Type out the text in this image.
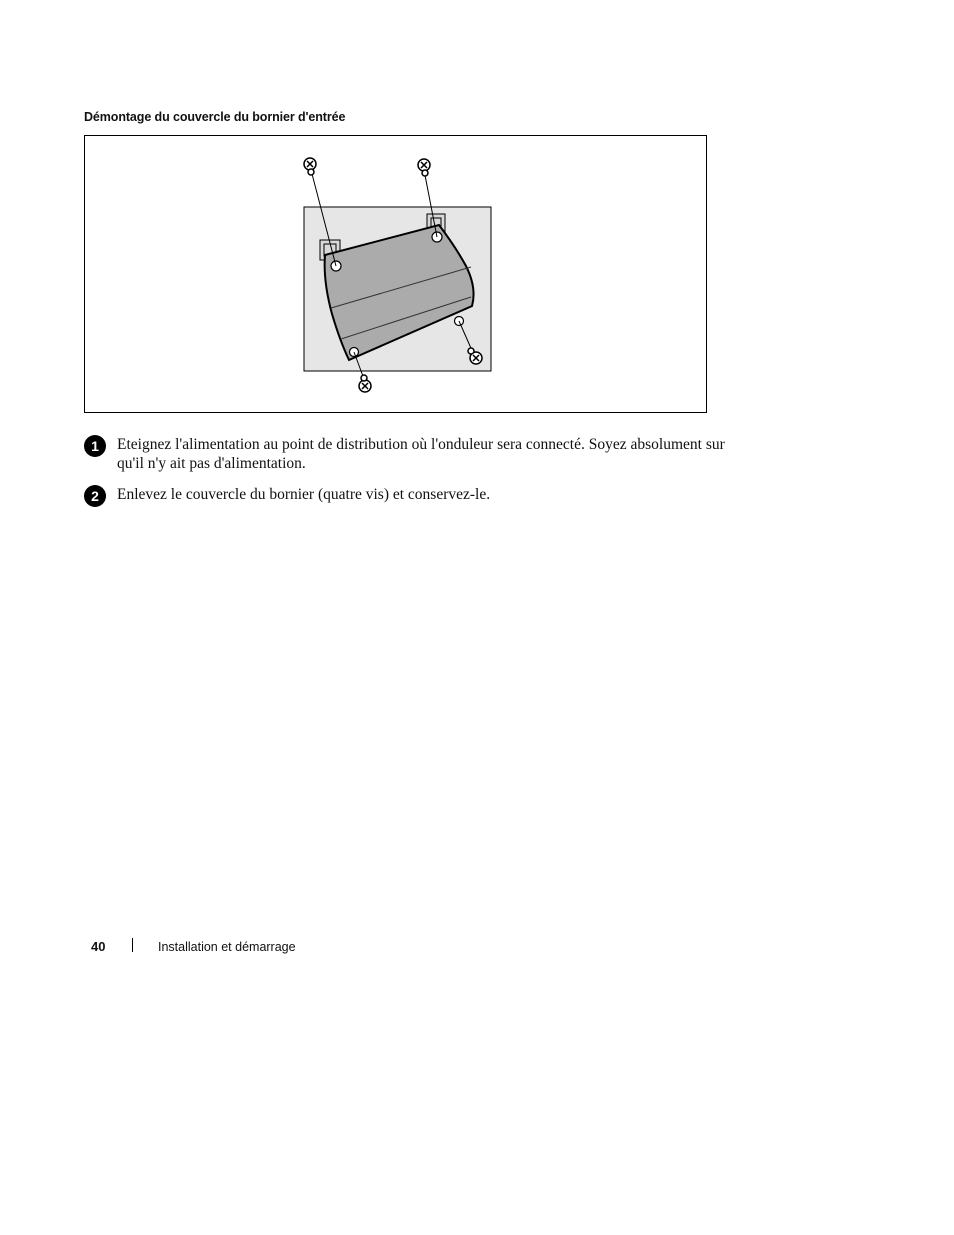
Démontage du couvercle du bornier d'entrée
1	Eteignez l'alimentation au point de distribution où l'onduleur sera connecté. Soyez absolument sur qu'il n'y ait pas d'alimentation.
2	Enlevez le couvercle du bornier (quatre vis) et conservez-le.
40	Installation et démarrage
